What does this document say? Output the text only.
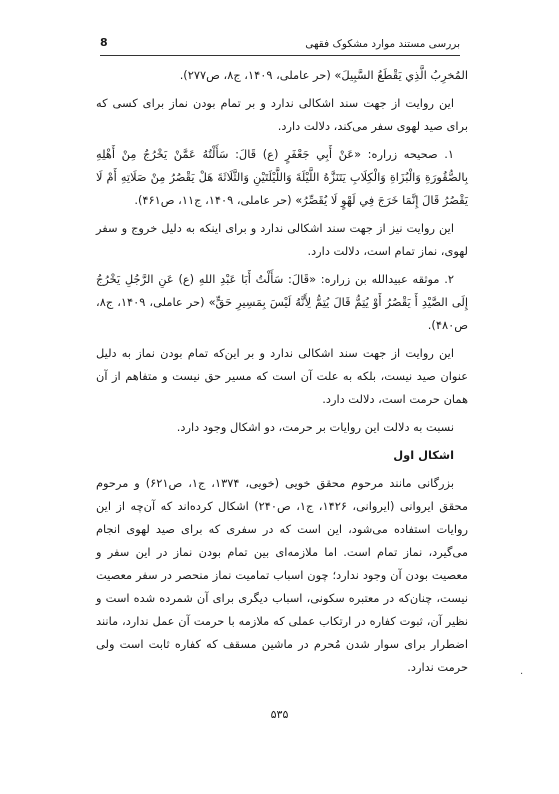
بررسی مستند موارد مشکوک فقهی
8

المُخرِبُ الَّذِي يَقْطَعُ السَّبِيلَ» (حر عاملی، ۱۴۰۹، ج۸، ص۲۷۷).

این روایت از جهت سند اشکالی ندارد و بر تمام بودن نماز برای کسی که برای صید لهوی سفر می‌کند، دلالت دارد.

۱. صحیحه زراره: «عَنْ أَبِي جَعْفَرٍ (ع) قَالَ: سَأَلْتُهُ عَمَّنْ يَخْرُجُ مِنْ أَهْلِهِ بِالصُّقُورَةِ وَالْبُزَاةِ وَالْكِلَابِ يَتَنَزَّهُ اللَّيْلَةَ وَاللَّيْلَتَيْنِ وَالثَّلَاثَةَ هَلْ يَقْصُرُ مِنْ صَلَاتِهِ أَمْ لَا يَقْصُرُ قَالَ إِنَّمَا خَرَجَ فِي لَهْوٍ لَا يُقَصِّرُ» (حر عاملی، ۱۴۰۹، ج۱۱، ص۴۶۱).

این روایت نیز از جهت سند اشکالی ندارد و برای اینکه به دلیل خروج و سفر لهوی، نماز تمام است، دلالت دارد.

۲. موثقه عبیدالله بن زراره: «قَالَ: سَأَلْتُ أَبَا عَبْدِ اللهِ (ع) عَنِ الرَّجُلِ يَخْرُجُ إِلَى الصَّيْدِ أَ يَقْصُرُ أَوْ يُتِمُّ قَالَ يُتِمُّ لِأَنَّهُ لَيْسَ بِمَسِيرِ حَقٍّ» (حر عاملی، ۱۴۰۹، ج۸، ص۴۸۰).

این روایت از جهت سند اشکالی ندارد و بر این‌که تمام بودن نماز به دلیل عنوان صید نیست، بلکه به علت آن است که مسیر حق نیست و متفاهم از آن همان حرمت است، دلالت دارد.

نسبت به دلالت این روایات بر حرمت، دو اشکال وجود دارد.

اشکال اول

بزرگانی مانند مرحوم محقق خویی (خویی، ۱۳۷۴، ج۱، ص۶۲۱) و مرحوم محقق ایروانی (ایروانی، ۱۴۲۶، ج۱، ص۲۴۰) اشکال کرده‌اند که آن‌چه از این روایات استفاده می‌شود، این است که در سفری که برای صید لهوی انجام می‌گیرد، نماز تمام است. اما ملازمه‌ای بین تمام بودن نماز در این سفر و معصیت بودن آن وجود ندارد؛ چون اسباب تمامیت نماز منحصر در سفر معصیت نیست، چنان‌که در معتبره سکونی، اسباب دیگری برای آن شمرده شده است و نظیر آن، ثبوت کفاره در ارتکاب عملی که ملازمه با حرمت آن عمل ندارد، مانند اضطرار برای سوار شدن مُحرم در ماشین مسقف که کفاره ثابت است ولی حرمت ندارد.	.
۵۳۵
